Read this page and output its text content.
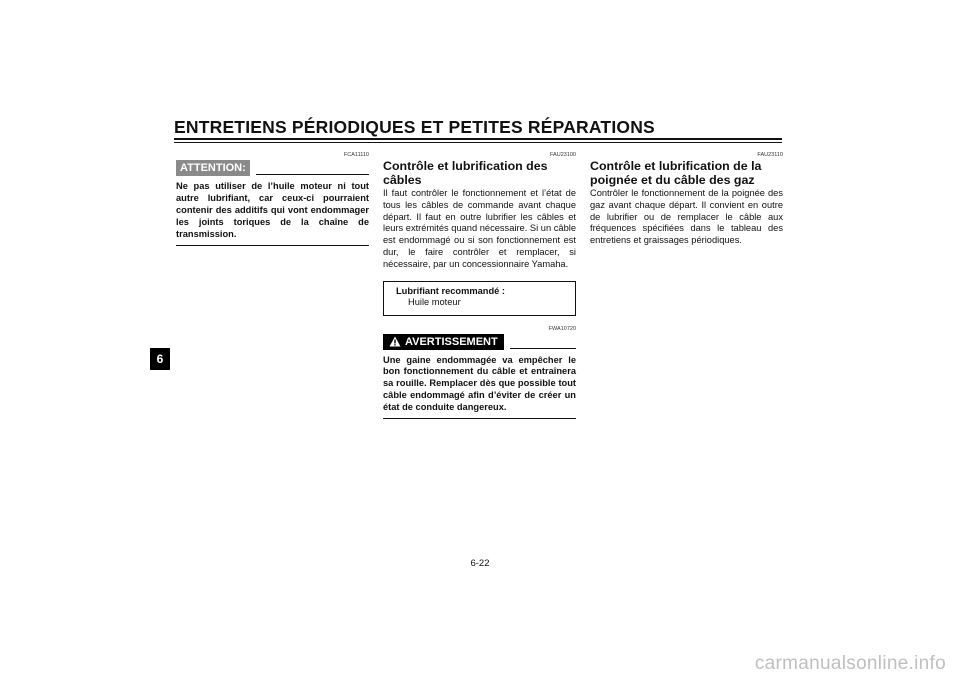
ENTRETIENS PÉRIODIQUES ET PETITES RÉPARATIONS
6
FCA11110
ATTENTION:

Ne pas utiliser de l’huile moteur ni tout autre lubrifiant, car ceux-ci pourraient contenir des additifs qui vont endommager les joints toriques de la chaîne de transmission.

FAU23100
Contrôle et lubrification des câbles

Il faut contrôler le fonctionnement et l’état de tous les câbles de commande avant chaque départ. Il faut en outre lubrifier les câbles et leurs extrémités quand nécessaire. Si un câble est endommagé ou si son fonctionnement est dur, le faire contrôler et remplacer, si nécessaire, par un concessionnaire Yamaha.

Lubrifiant recommandé :
Huile moteur
FWA10720
AVERTISSEMENT

Une gaine endommagée va empêcher le bon fonctionnement du câble et entraînera sa rouille. Remplacer dès que possible tout câble endommagé afin d’éviter de créer un état de conduite dangereux.

FAU23110
Contrôle et lubrification de la poignée et du câble des gaz

Contrôler le fonctionnement de la poignée des gaz avant chaque départ. Il convient en outre de lubrifier ou de remplacer le câble aux fréquences spécifiées dans le tableau des entretiens et graissages périodiques.

6-22
carmanualsonline.info
